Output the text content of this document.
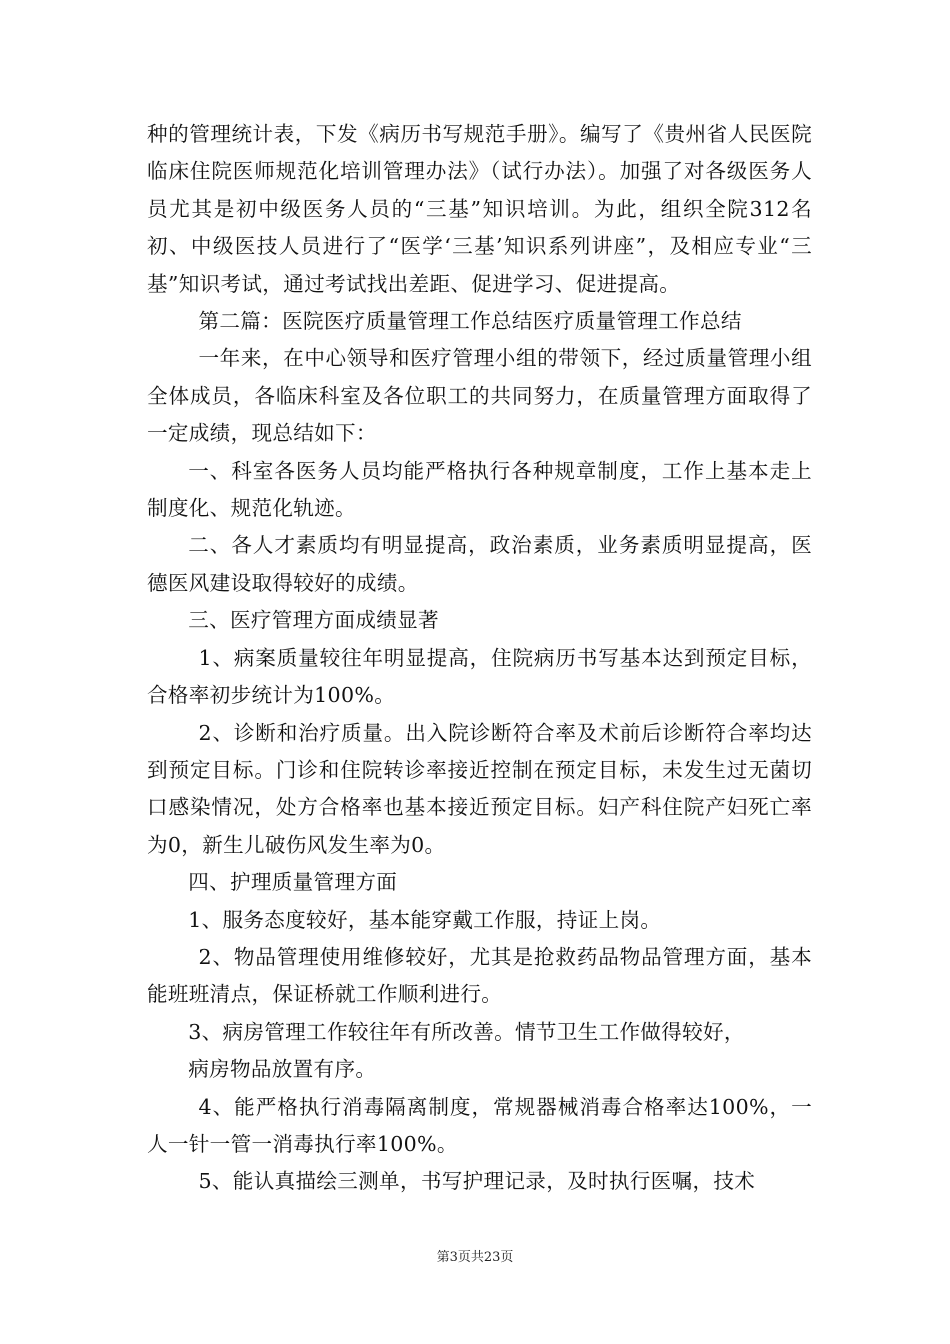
种的管理统计表，下发《病历书写规范手册》。编写了《贵州省人民医院临床住院医师规范化培训管理办法》（试行办法）。加强了对各级医务人员尤其是初中级医务人员的“三基”知识培训。为此，组织全院312名初、中级医技人员进行了“医学‘三基’知识系列讲座”，及相应专业“三基”知识考试，通过考试找出差距、促进学习、促进提高。

第二篇：医院医疗质量管理工作总结医疗质量管理工作总结

一年来，在中心领导和医疗管理小组的带领下，经过质量管理小组全体成员，各临床科室及各位职工的共同努力，在质量管理方面取得了一定成绩，现总结如下：

一、科室各医务人员均能严格执行各种规章制度，工作上基本走上制度化、规范化轨迹。

二、各人才素质均有明显提高，政治素质，业务素质明显提高，医德医风建设取得较好的成绩。

三、医疗管理方面成绩显著

1、病案质量较往年明显提高，住院病历书写基本达到预定目标，合格率初步统计为100%。

2、诊断和治疗质量。出入院诊断符合率及术前后诊断符合率均达到预定目标。门诊和住院转诊率接近控制在预定目标，未发生过无菌切口感染情况，处方合格率也基本接近预定目标。妇产科住院产妇死亡率为0，新生儿破伤风发生率为0。

四、护理质量管理方面

1、服务态度较好，基本能穿戴工作服，持证上岗。

2、物品管理使用维修较好，尤其是抢救药品物品管理方面，基本能班班清点，保证桥就工作顺利进行。

3、病房管理工作较往年有所改善。情节卫生工作做得较好，

病房物品放置有序。

4、能严格执行消毒隔离制度，常规器械消毒合格率达100%，一人一针一管一消毒执行率100%。

5、能认真描绘三测单，书写护理记录，及时执行医嘱，技术

第3页共23页
